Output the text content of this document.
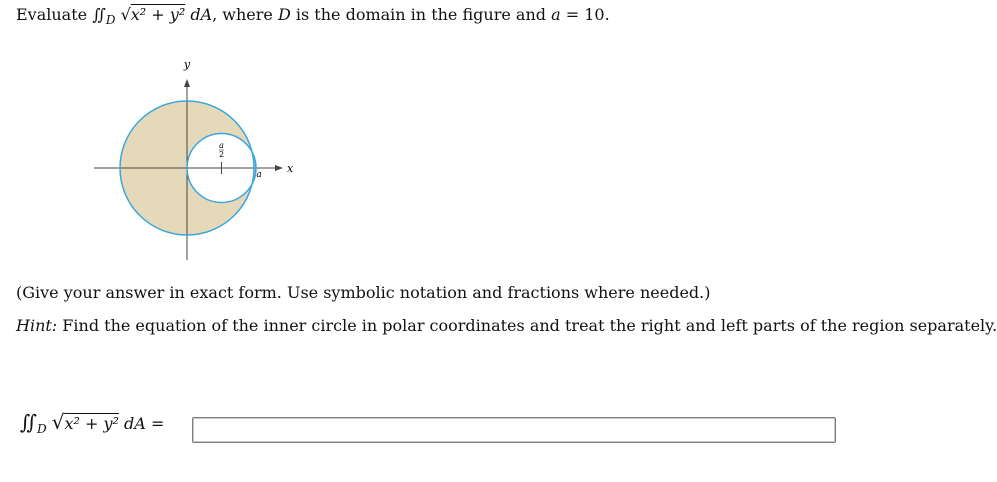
Evaluate $∬_D$ √x² + y² dA, where D is the domain in the figure and a = 10.
a
2
a x
y
(Give your answer in exact form. Use symbolic notation and fractions where needed.)
Hint: Find the equation of the inner circle in polar coordinates and treat the right and left parts of the region separately.
$∬_D$ √x² + y² dA =
